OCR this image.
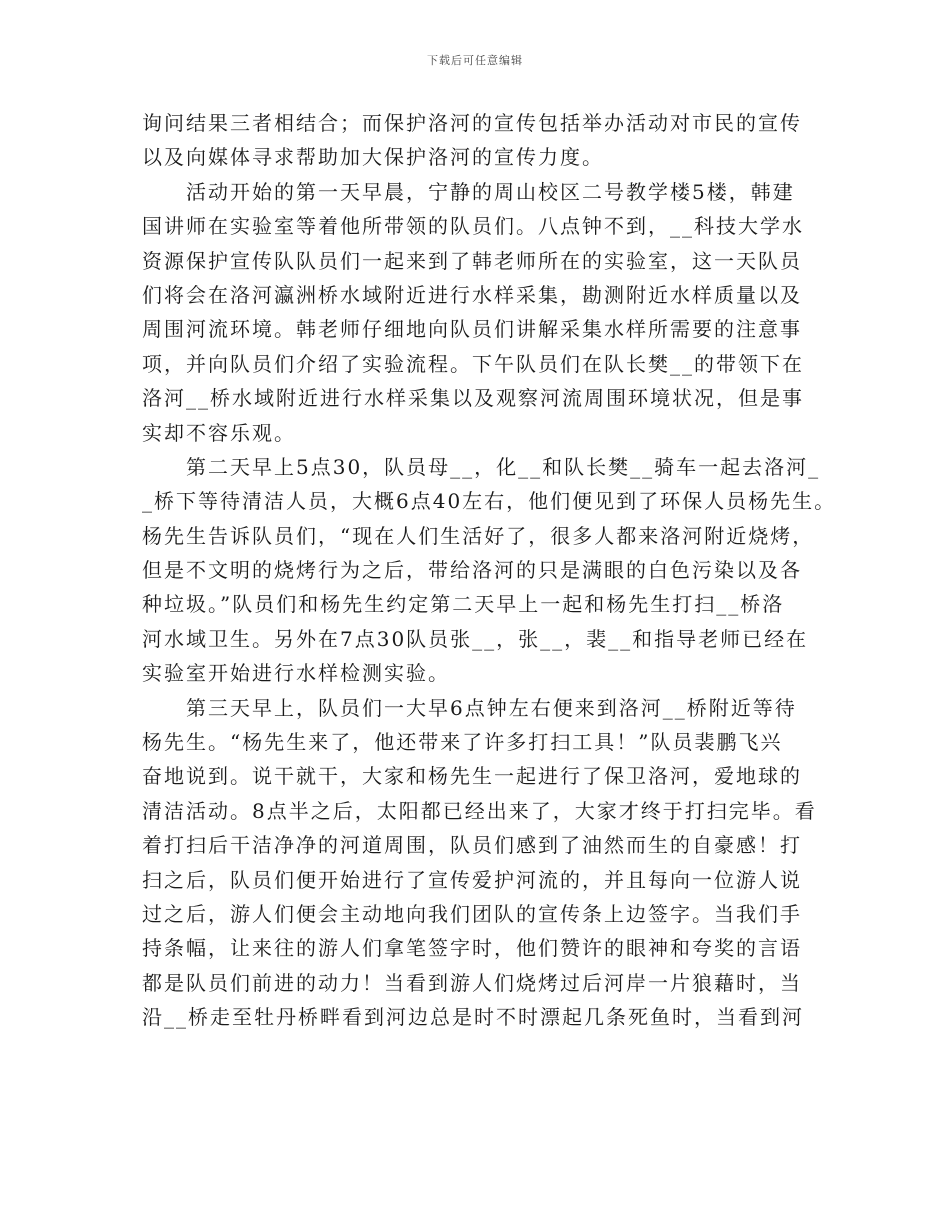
下载后可任意编辑
询问结果三者相结合；而保护洛河的宣传包括举办活动对市民的宣传
以及向媒体寻求帮助加大保护洛河的宣传力度。
活动开始的第一天早晨，宁静的周山校区二号教学楼5楼，韩建
国讲师在实验室等着他所带领的队员们。八点钟不到，__科技大学水
资源保护宣传队队员们一起来到了韩老师所在的实验室，这一天队员
们将会在洛河瀛洲桥水域附近进行水样采集，勘测附近水样质量以及
周围河流环境。韩老师仔细地向队员们讲解采集水样所需要的注意事
项，并向队员们介绍了实验流程。下午队员们在队长樊__的带领下在
洛河__桥水域附近进行水样采集以及观察河流周围环境状况，但是事
实却不容乐观。
第二天早上5点30，队员母__，化__和队长樊__骑车一起去洛河_
_桥下等待清洁人员，大概6点40左右，他们便见到了环保人员杨先生。
杨先生告诉队员们，“现在人们生活好了，很多人都来洛河附近烧烤，
但是不文明的烧烤行为之后，带给洛河的只是满眼的白色污染以及各
种垃圾。”队员们和杨先生约定第二天早上一起和杨先生打扫__桥洛
河水域卫生。另外在7点30队员张__，张__，裴__和指导老师已经在
实验室开始进行水样检测实验。
第三天早上，队员们一大早6点钟左右便来到洛河__桥附近等待
杨先生。“杨先生来了，他还带来了许多打扫工具！”队员裴鹏飞兴
奋地说到。说干就干，大家和杨先生一起进行了保卫洛河，爱地球的
清洁活动。8点半之后，太阳都已经出来了，大家才终于打扫完毕。看
着打扫后干洁净净的河道周围，队员们感到了油然而生的自豪感！打
扫之后，队员们便开始进行了宣传爱护河流的，并且每向一位游人说
过之后，游人们便会主动地向我们团队的宣传条上边签字。当我们手
持条幅，让来往的游人们拿笔签字时，他们赞许的眼神和夸奖的言语
都是队员们前进的动力！当看到游人们烧烤过后河岸一片狼藉时，当
沿__桥走至牡丹桥畔看到河边总是时不时漂起几条死鱼时，当看到河
